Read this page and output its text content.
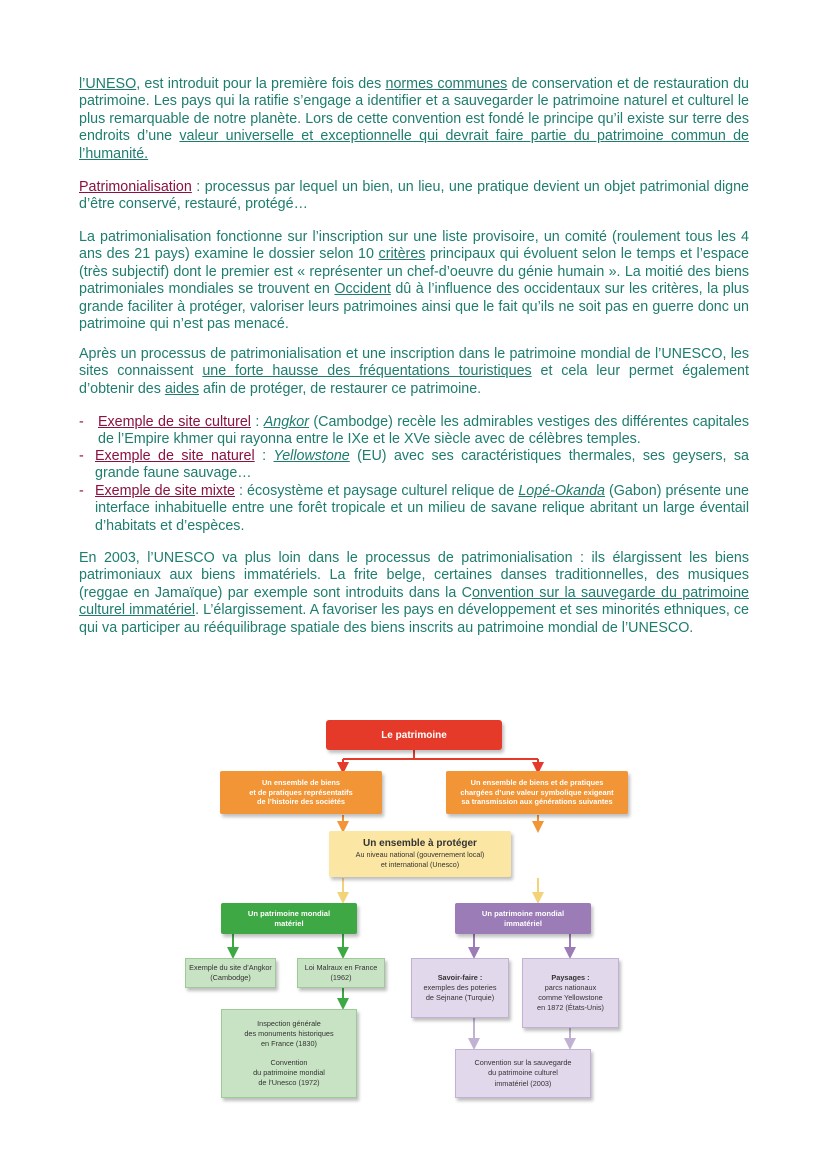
l’UNESO, est introduit pour la première fois des normes communes de conservation et de restauration du patrimoine. Les pays qui la ratifie s’engage a identifier et a sauvegarder le patrimoine naturel et culturel le plus remarquable de notre planète. Lors de cette convention est fondé le principe qu’il existe sur terre des endroits d’une valeur universelle et exceptionnelle qui devrait faire partie du patrimoine commun de l’humanité.
Patrimonialisation : processus par lequel un bien, un lieu, une pratique devient un objet patrimonial digne d’être conservé, restauré, protégé…
La patrimonialisation fonctionne sur l’inscription sur une liste provisoire, un comité (roulement tous les 4 ans des 21 pays) examine le dossier selon 10 critères principaux qui évoluent selon le temps et l’espace (très subjectif) dont le premier est « représenter un chef-d’oeuvre du génie humain ». La moitié des biens patrimoniales mondiales se trouvent en Occident dû à l’influence des occidentaux sur les critères, la plus grande faciliter à protéger, valoriser leurs patrimoines ainsi que le fait qu’ils ne soit pas en guerre donc un patrimoine qui n’est pas menacé.
Après un processus de patrimonialisation et une inscription dans le patrimoine mondial de l’UNESCO, les sites connaissent une forte hausse des fréquentations touristiques et cela leur permet également d’obtenir des aides afin de protéger, de restaurer ce patrimoine.
- Exemple de site culturel : Angkor (Cambodge) recèle les admirables vestiges des différentes capitales de l’Empire khmer qui rayonna entre le IXe et le XVe siècle avec de célèbres temples.
- Exemple de site naturel : Yellowstone (EU) avec ses caractéristiques thermales, ses geysers, sa grande faune sauvage…
- Exemple de site mixte : écosystème et paysage culturel relique de Lopé-Okanda (Gabon) présente une interface inhabituelle entre une forêt tropicale et un milieu de savane relique abritant un large éventail d’habitats et d’espèces.
En 2003, l’UNESCO va plus loin dans le processus de patrimonialisation : ils élargissent les biens patrimoniaux aux biens immatériels. La frite belge, certaines danses traditionnelles, des musiques (reggae en Jamaïque) par exemple sont introduits dans la Convention sur la sauvegarde du patrimoine culturel immatériel. L’élargissement. A favoriser les pays en développement et ses minorités ethniques, ce qui va participer au rééquilibrage spatiale des biens inscrits au patrimoine mondial de l’UNESCO.
Le patrimoine
Un ensemble de biens
et de pratiques représentatifs
de l’histoire des sociétés
Un ensemble de biens et de pratiques
chargées d’une valeur symbolique exigeant
sa transmission aux générations suivantes
Un ensemble à protéger
Au niveau national (gouvernement local)
et international (Unesco)
Un patrimoine mondial
matériel
Un patrimoine mondial
immatériel
Exemple du site d’Angkor
(Cambodge)
Loi Malraux en France
(1962)
Inspection générale
des monuments historiques
en France (1830)
Convention
du patrimoine mondial
de l’Unesco (1972)
Savoir-faire :
exemples des poteries
de Sejnane (Turquie)
Paysages :
parcs nationaux
comme Yellowstone
en 1872 (États-Unis)
Convention sur la sauvegarde
du patrimoine culturel
immatériel (2003)
